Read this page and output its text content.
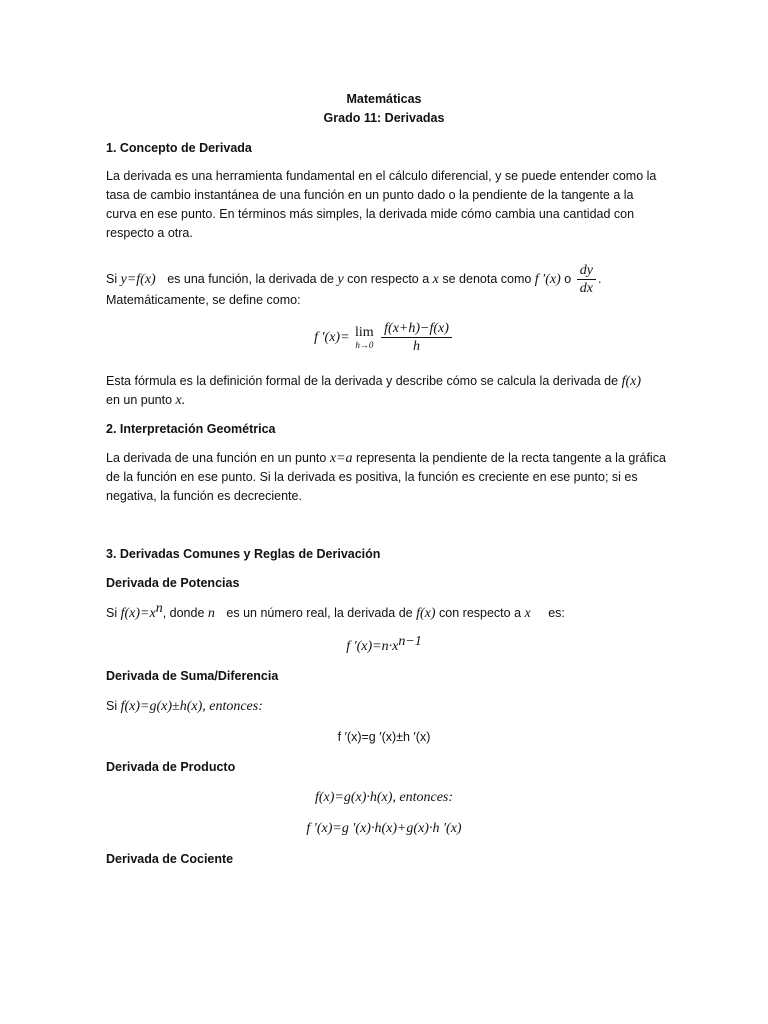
Matemáticas
Grado 11: Derivadas
1. Concepto de Derivada

La derivada es una herramienta fundamental en el cálculo diferencial, y se puede entender como la tasa de cambio instantánea de una función en un punto dado o la pendiente de la tangente a la curva en ese punto. En términos más simples, la derivada mide cómo cambia una cantidad con respecto a otra.

Si y=f(x) es una función, la derivada de y con respecto a x se denota como f ′(x) o $\frac{dy}{dx}$ .
Matemáticamente, se define como:
f ′(x)= lim
h→0
$\frac{f(x+h)-f(x)}{h}$
Esta fórmula es la definición formal de la derivada y describe cómo se calcula la derivada de f(x)
en un punto x.
2. Interpretación Geométrica

La derivada de una función en un punto x=a representa la pendiente de la recta tangente a la gráfica de la función en ese punto. Si la derivada es positiva, la función es creciente en ese punto; si es negativa, la función es decreciente.

3. Derivadas Comunes y Reglas de Derivación
Derivada de Potencias
Si $f(x)=x^n$, donde n es un número real, la derivada de f(x) con respecto a x es:
f $'(x)=n\cdot x^{n-1}$
Derivada de Suma/Diferencia
Si f(x)=g(x)±h(x), entonces:
f ′(x)=g ′(x)±h ′(x)
Derivada de Producto
f(x)=g(x)·h(x), entonces:
f ′(x)=g ′(x)·h(x)+g(x)·h ′(x)
Derivada de Cociente
